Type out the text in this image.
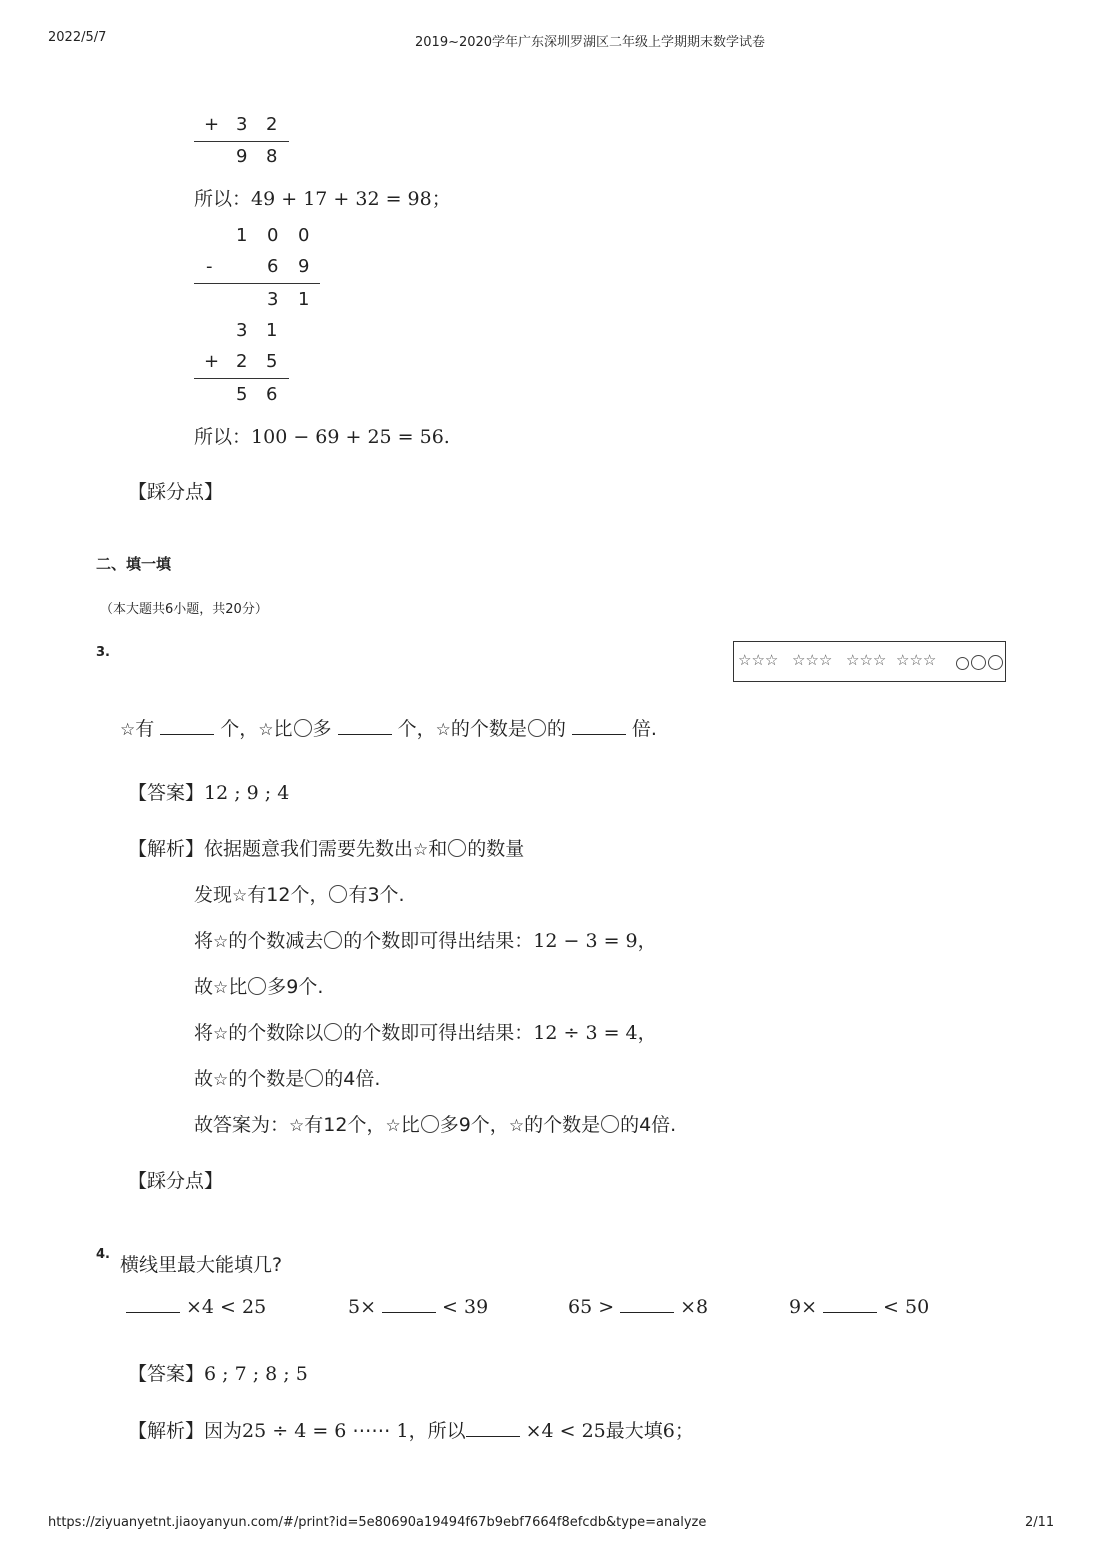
2022/5/7	2019~2020学年广东深圳罗湖区二年级上学期期末数学试卷
+ 3 2
9 8
所以：49 + 17 + 32 = 98；
1 0 0
-	6 9
3 1
3 1
+ 2 5
5 6
所以：100 − 69 + 25 = 56.
【踩分点】
二、填一填
（本大题共6小题，共20分）
3.	☆☆☆ ☆☆☆ ☆☆☆ ☆☆☆
☆有	个，☆比 多	个，☆的个数是 的	倍.
【答案】12 ; 9 ; 4
【解析】依据题意我们需要先数出☆和 的数量
发现☆有12个， 有3个.
将☆的个数减去 的个数即可得出结果：12 − 3 = 9，
故☆比 多9个.
将☆的个数除以 的个数即可得出结果：12 ÷ 3 = 4，
故☆的个数是 的4倍.
故答案为：☆有12个，☆比 多9个，☆的个数是 的4倍.
【踩分点】
4. 横线里最大能填几?
×4 < 25	5×	< 39	65 >	×8	9×	< 50
【答案】6 ; 7 ; 8 ; 5
【解析】因为25 ÷ 4 = 6 ⋯⋯ 1，所以	×4 < 25最大填6；
https://ziyuanyetnt.jiaoyanyun.com/#/print?id=5e80690a19494f67b9ebf7664f8efcdb&type=analyze	2/11
